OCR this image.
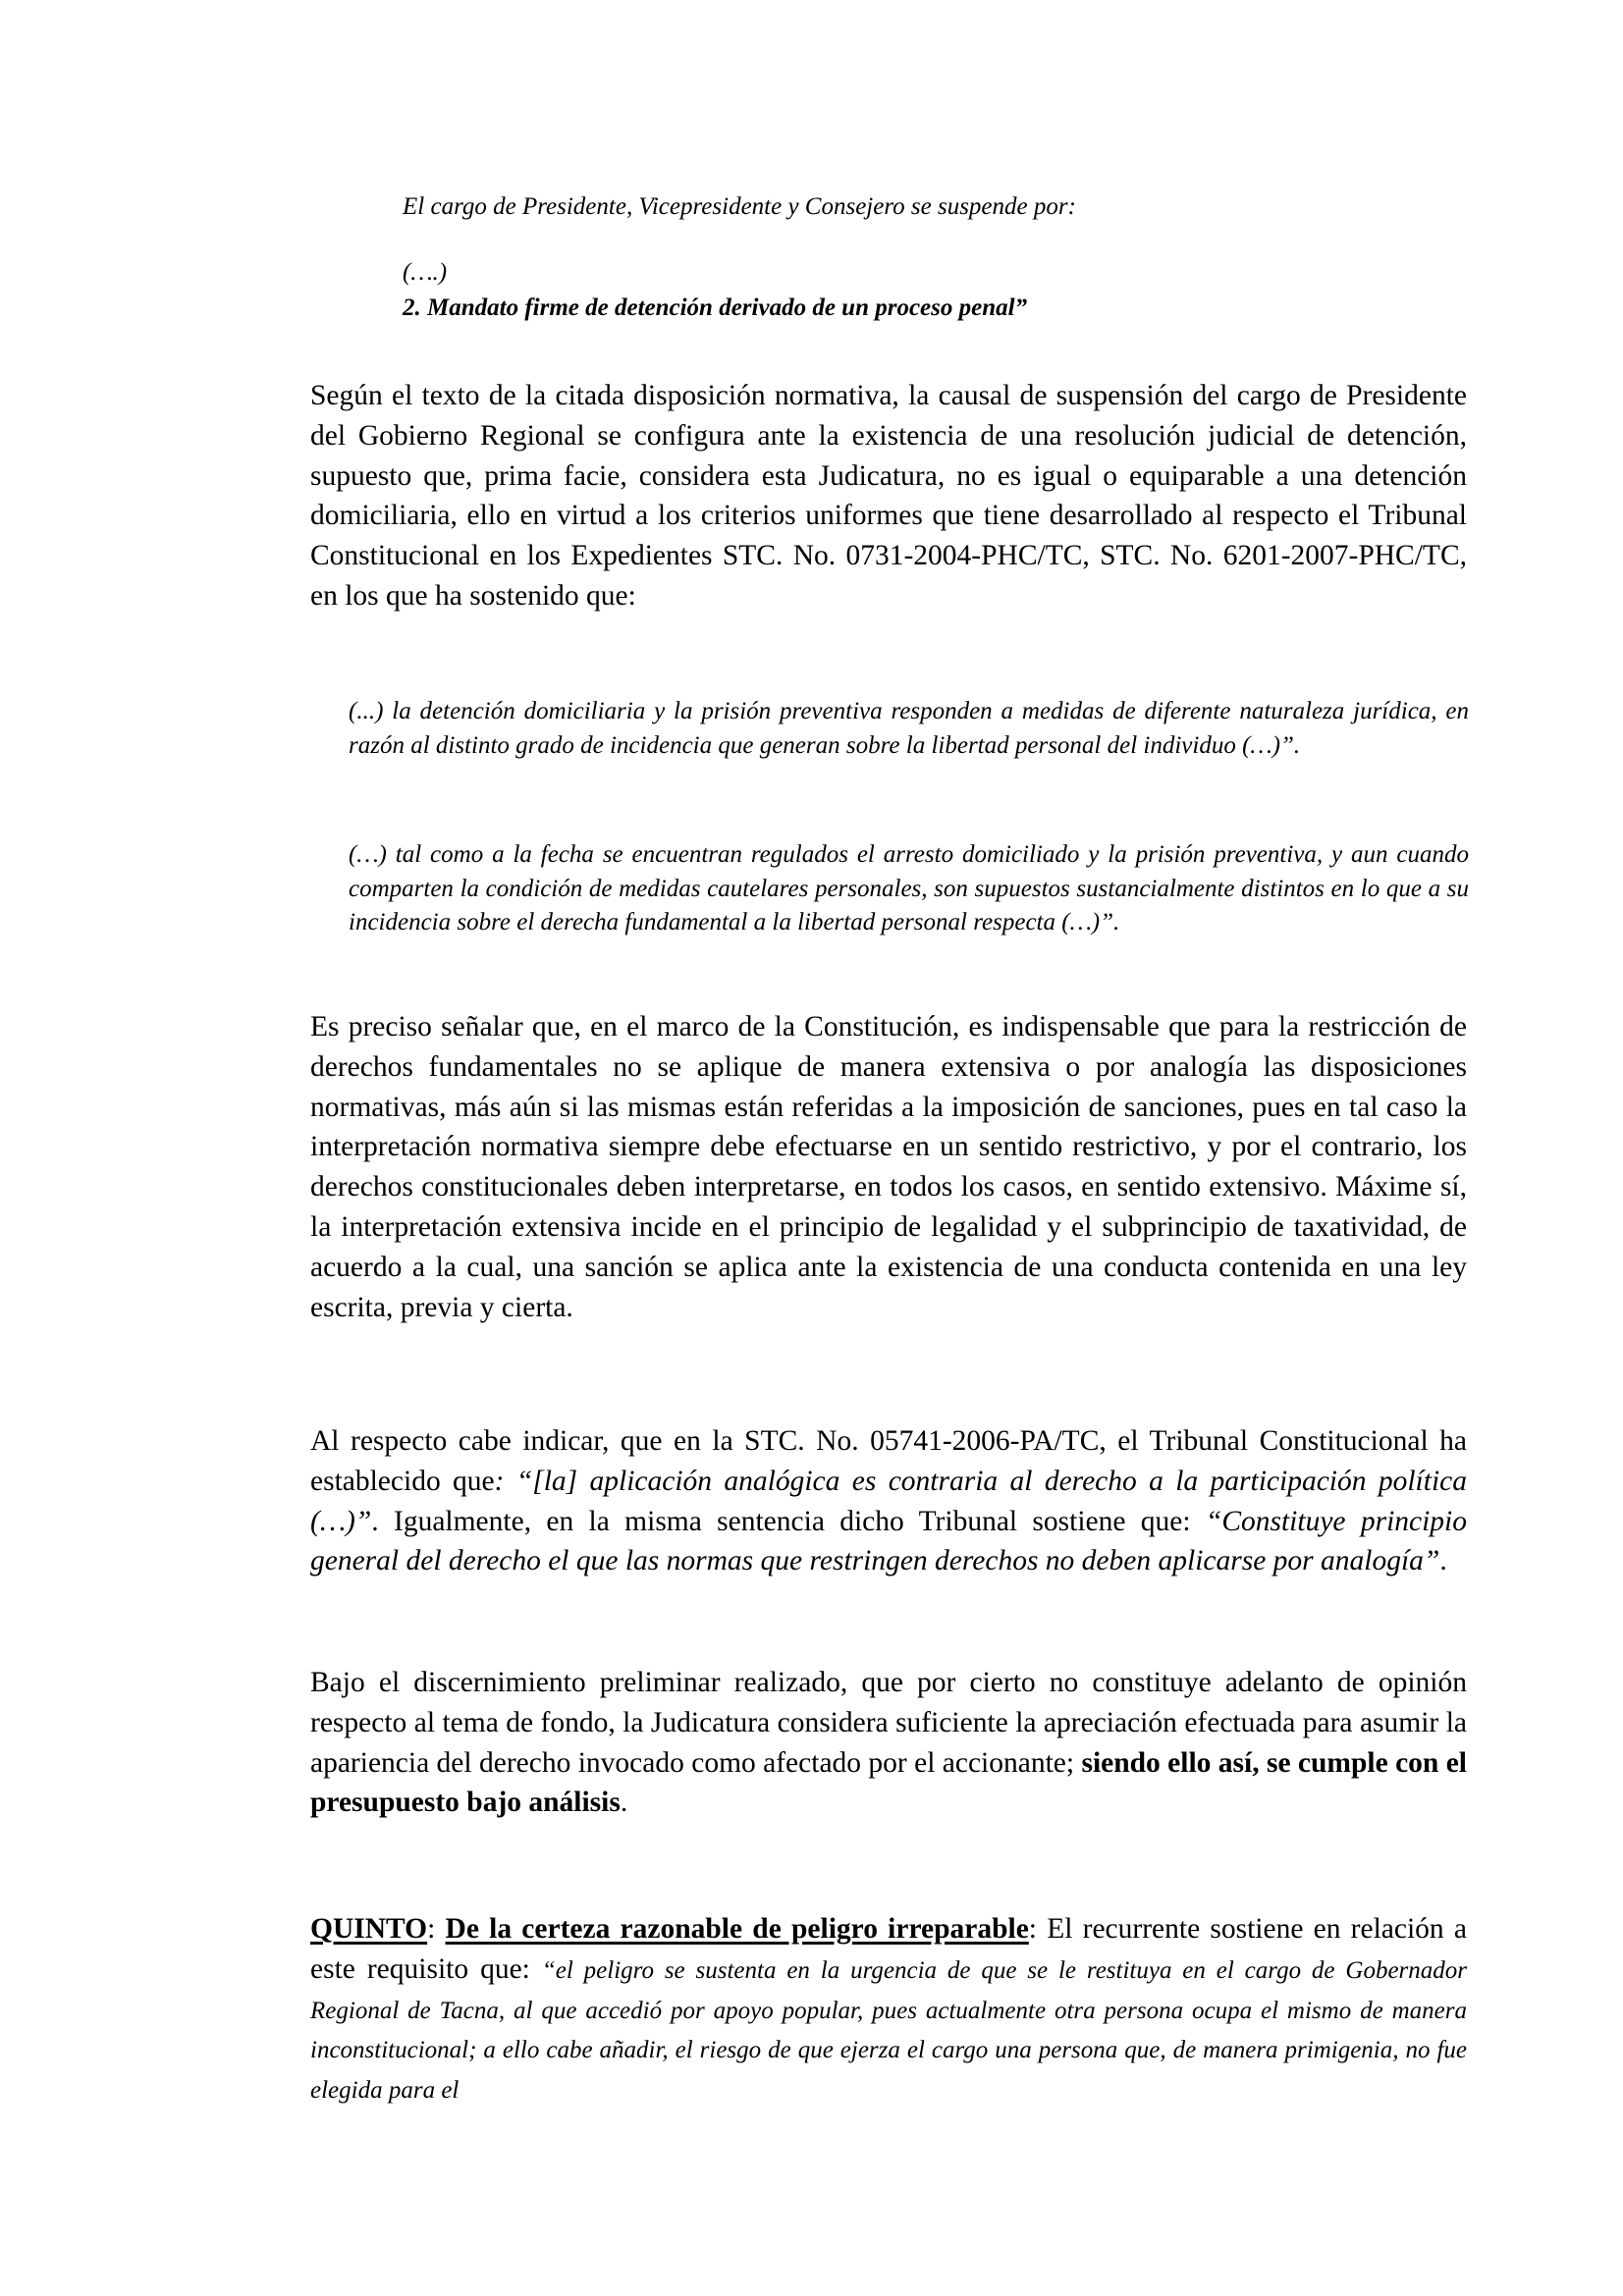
El cargo de Presidente, Vicepresidente y Consejero se suspende por:
(….)
2. Mandato firme de detención derivado de un proceso penal”

Según el texto de la citada disposición normativa, la causal de suspensión del cargo de Presidente del Gobierno Regional se configura ante la existencia de una resolución judicial de detención, supuesto que, prima facie, considera esta Judicatura, no es igual o equiparable a una detención domiciliaria, ello en virtud a los criterios uniformes que tiene desarrollado al respecto el Tribunal Constitucional en los Expedientes STC. No. 0731-2004-PHC/TC, STC. No. 6201-2007-PHC/TC, en los que ha sostenido que:

(...) la detención domiciliaria y la prisión preventiva responden a medidas de diferente naturaleza jurídica, en razón al distinto grado de incidencia que generan sobre la libertad personal del individuo (…)”.

(…) tal como a la fecha se encuentran regulados el arresto domiciliado y la prisión preventiva, y aun cuando comparten la condición de medidas cautelares personales, son supuestos sustancialmente distintos en lo que a su incidencia sobre el derecha fundamental a la libertad personal respecta (…)”.

Es preciso señalar que, en el marco de la Constitución, es indispensable que para la restricción de derechos fundamentales no se aplique de manera extensiva o por analogía las disposiciones normativas, más aún si las mismas están referidas a la imposición de sanciones, pues en tal caso la interpretación normativa siempre debe efectuarse en un sentido restrictivo, y por el contrario, los derechos constitucionales deben interpretarse, en todos los casos, en sentido extensivo. Máxime sí, la interpretación extensiva incide en el principio de legalidad y el subprincipio de taxatividad, de acuerdo a la cual, una sanción se aplica ante la existencia de una conducta contenida en una ley escrita, previa y cierta.

Al respecto cabe indicar, que en la STC. No. 05741-2006-PA/TC, el Tribunal Constitucional ha establecido que: “[la] aplicación analógica es contraria al derecho a la participación política (…)”. Igualmente, en la misma sentencia dicho Tribunal sostiene que: “Constituye principio general del derecho el que las normas que restringen derechos no deben aplicarse por analogía”.

Bajo el discernimiento preliminar realizado, que por cierto no constituye adelanto de opinión respecto al tema de fondo, la Judicatura considera suficiente la apreciación efectuada para asumir la apariencia del derecho invocado como afectado por el accionante; siendo ello así, se cumple con el presupuesto bajo análisis.

QUINTO: De la certeza razonable de peligro irreparable: El recurrente sostiene en relación a este requisito que: “el peligro se sustenta en la urgencia de que se le restituya en el cargo de Gobernador Regional de Tacna, al que accedió por apoyo popular, pues actualmente otra persona ocupa el mismo de manera inconstitucional; a ello cabe añadir, el riesgo de que ejerza el cargo una persona que, de manera primigenia, no fue elegida para el
